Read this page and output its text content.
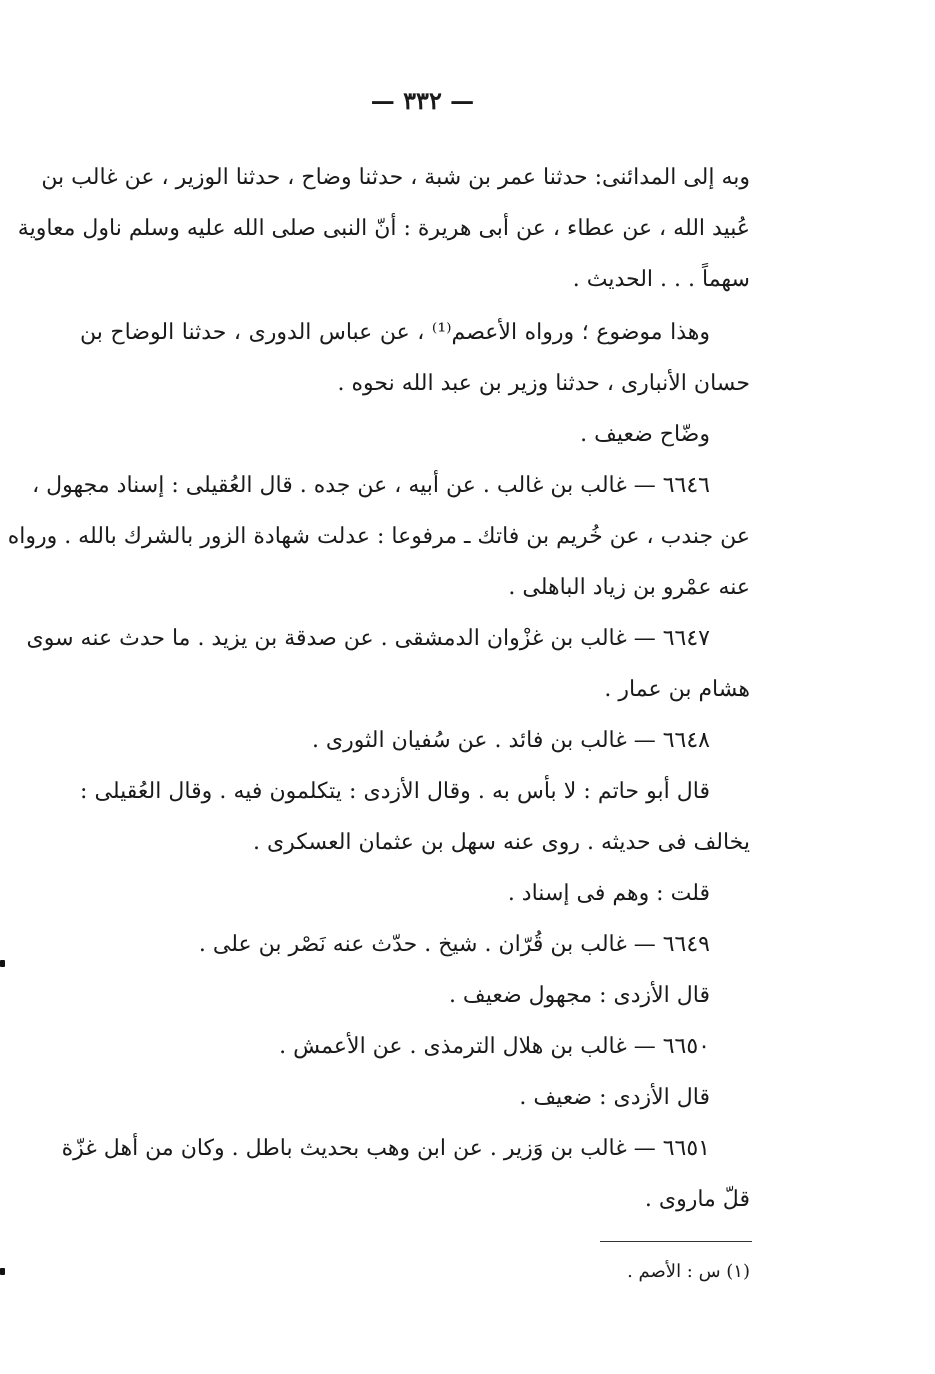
— ٣٣٢ —
وبه إلى المدائنى: حدثنا عمر بن شبة ، حدثنا وضاح ، حدثنا الوزير ، عن غالب بن
عُبيد الله ، عن عطاء ، عن أبى هريرة : أنّ النبى صلى الله عليه وسلم ناول معاوية
سهماً . . . الحديث .
وهذا موضوع ؛ ورواه الأعصم⁽¹⁾ ، عن عباس الدورى ، حدثنا الوضاح بن
حسان الأنبارى ، حدثنا وزير بن عبد الله نحوه .
وضّاح ضعيف .
٦٦٤٦ — غالب بن غالب . عن أبيه ، عن جده . قال العُقيلى : إسناد مجهول ،
عن جندب ، عن خُريم بن فاتك ـ مرفوعا : عدلت شهادة الزور بالشرك بالله . ورواه
عنه عمْرو بن زياد الباهلى .
٦٦٤٧ — غالب بن غزْوان الدمشقى . عن صدقة بن يزيد . ما حدث عنه سوى
هشام بن عمار .
٦٦٤٨ — غالب بن فائد . عن سُفيان الثورى .
قال أبو حاتم : لا بأس به . وقال الأزدى : يتكلمون فيه . وقال العُقيلى :
يخالف فى حديثه . روى عنه سهل بن عثمان العسكرى .
قلت : وهم فى إسناد .
٦٦٤٩ — غالب بن قُرّان . شيخ . حدّث عنه نَصْر بن على .
قال الأزدى : مجهول ضعيف .
٦٦٥٠ — غالب بن هلال الترمذى . عن الأعمش .
قال الأزدى : ضعيف .
٦٦٥١ — غالب بن وَزير . عن ابن وهب بحديث باطل . وكان من أهل غزّة
قلّ ماروى .
(١) س : الأصم .
